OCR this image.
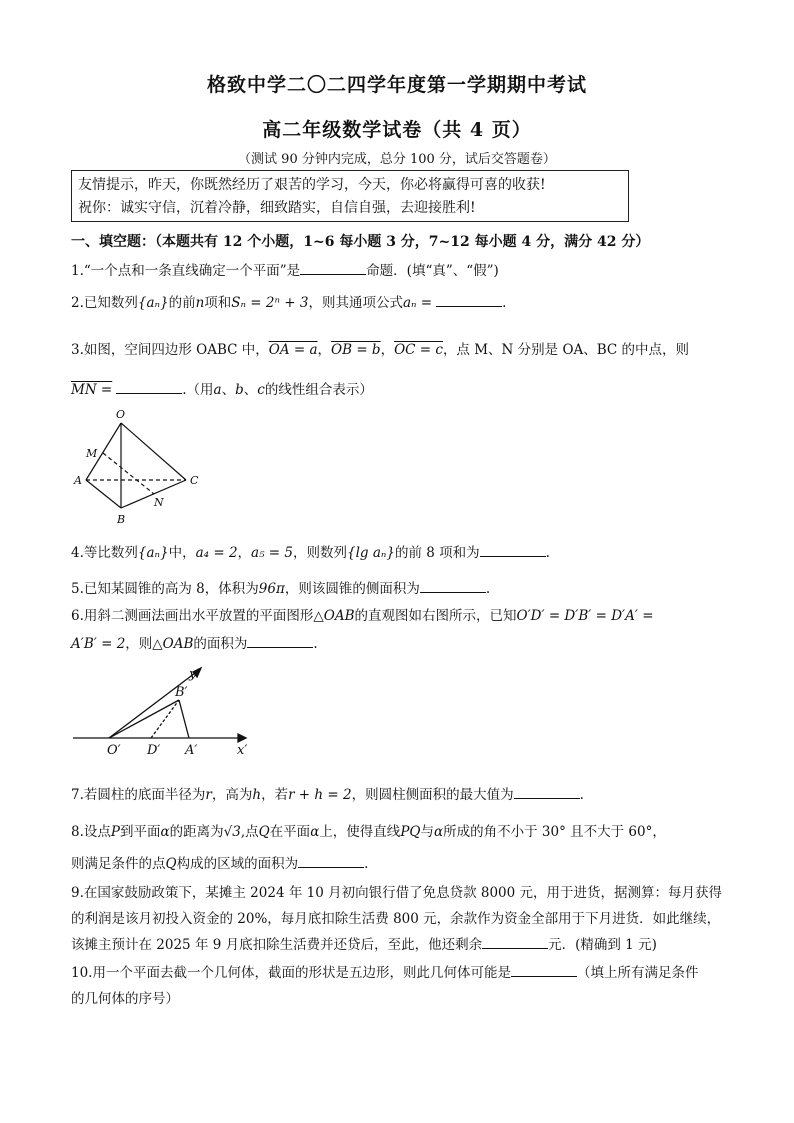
格致中学二〇二四学年度第一学期期中考试
高二年级数学试卷（共 4 页）
（测试 90 分钟内完成，总分 100 分，试后交答题卷）
友情提示，昨天，你既然经历了艰苦的学习，今天，你必将赢得可喜的收获!
祝你：诚实守信，沉着冷静，细致踏实，自信自强，去迎接胜利!
一、填空题：（本题共有 12 个小题，1~6 每小题 3 分，7~12 每小题 4 分，满分 42 分）
1.“一个点和一条直线确定一个平面”是	命题．(填“真”、“假”)
2.已知数列{aₙ}的前n项和Sₙ = 2ⁿ + 3，则其通项公式aₙ =	.
3.如图，空间四边形 OABC 中，OA = a，OB = b，OC = c，点 M、N 分别是 OA、BC 的中点，则
MN =	.（用a、b、c的线性组合表示）
O
M
A	C
N
B
4.等比数列{aₙ}中，a₄ = 2，a₅ = 5，则数列{lg aₙ}的前 8 项和为	.
5.已知某圆锥的高为 8，体积为96π，则该圆锥的侧面积为	.
6.用斜二测画法画出水平放置的平面图形△OAB的直观图如右图所示，已知O′D′ = D′B′ = D′A′ =
A′B′ = 2，则△OAB的面积为	.
y′
B′
O′ D′ A′	x′
7.若圆柱的底面半径为r，高为h，若r + h = 2，则圆柱侧面积的最大值为	.
8.设点P到平面α的距离为√3,点Q在平面α上，使得直线PQ与α所成的角不小于 30° 且不大于 60°，
则满足条件的点Q构成的区域的面积为	.
9.在国家鼓励政策下，某摊主 2024 年 10 月初向银行借了免息贷款 8000 元，用于进货，据测算：每月获得
的利润是该月初投入资金的 20%，每月底扣除生活费 800 元，余款作为资金全部用于下月进货．如此继续，
该摊主预计在 2025 年 9 月底扣除生活费并还贷后，至此，他还剩余	元．(精确到 1 元)
10.用一个平面去截一个几何体，截面的形状是五边形，则此几何体可能是	（填上所有满足条件
的几何体的序号）
